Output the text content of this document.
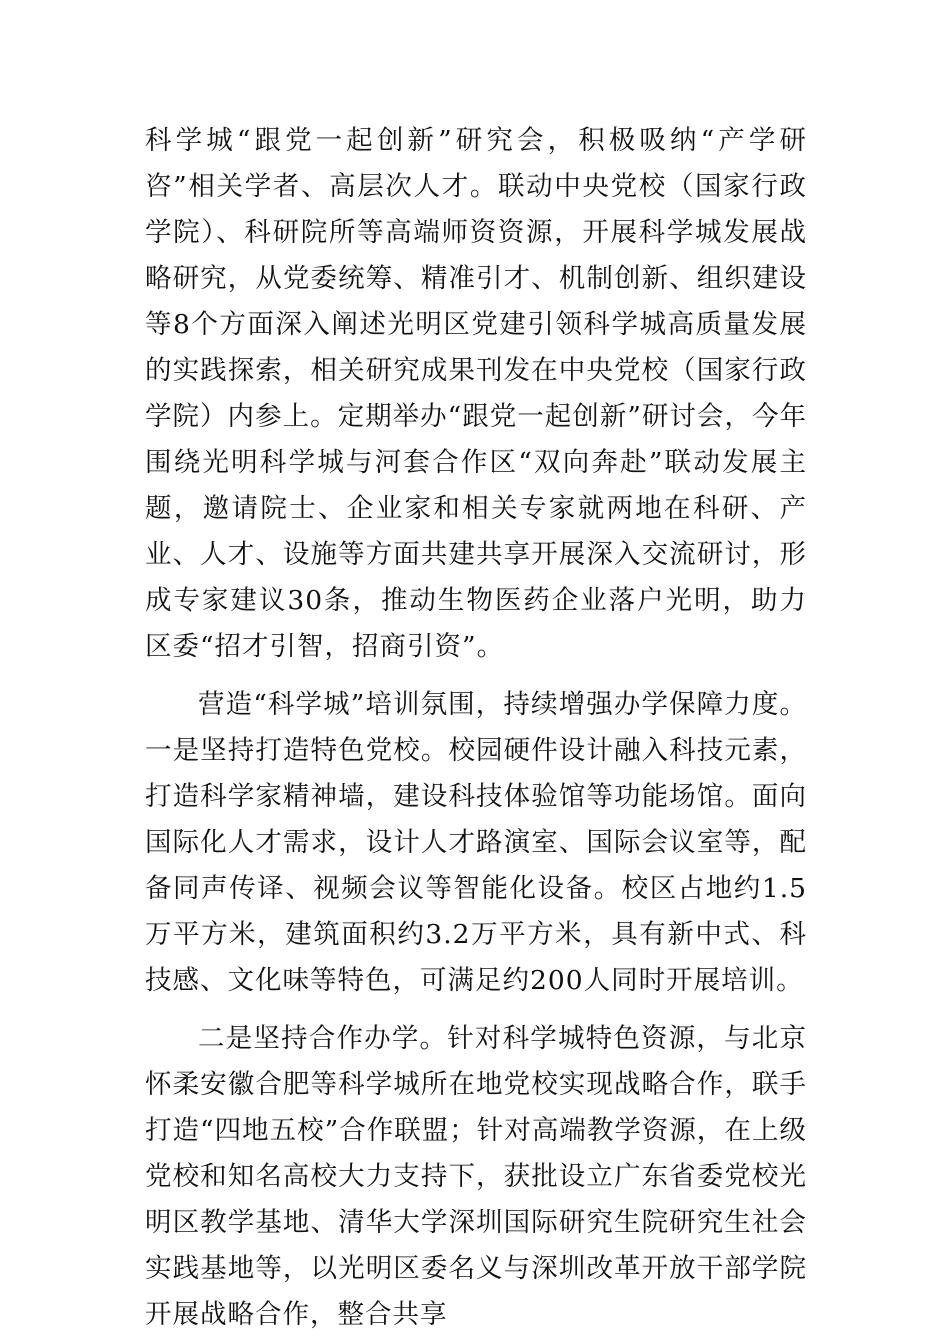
科学城“跟党一起创新”研究会，积极吸纳“产学研咨”相关学者、高层次人才。联动中央党校（国家行政学院）、科研院所等高端师资资源，开展科学城发展战略研究，从党委统筹、精准引才、机制创新、组织建设等8个方面深入阐述光明区党建引领科学城高质量发展的实践探索，相关研究成果刊发在中央党校（国家行政学院）内参上。定期举办“跟党一起创新”研讨会，今年围绕光明科学城与河套合作区“双向奔赴”联动发展主题，邀请院士、企业家和相关专家就两地在科研、产业、人才、设施等方面共建共享开展深入交流研讨，形成专家建议30条，推动生物医药企业落户光明，助力区委“招才引智，招商引资”。

营造“科学城”培训氛围，持续增强办学保障力度。一是坚持打造特色党校。校园硬件设计融入科技元素，打造科学家精神墙，建设科技体验馆等功能场馆。面向国际化人才需求，设计人才路演室、国际会议室等，配备同声传译、视频会议等智能化设备。校区占地约1.5万平方米，建筑面积约3.2万平方米，具有新中式、科技感、文化味等特色，可满足约200人同时开展培训。

二是坚持合作办学。针对科学城特色资源，与北京怀柔安徽合肥等科学城所在地党校实现战略合作，联手打造“四地五校”合作联盟；针对高端教学资源，在上级党校和知名高校大力支持下，获批设立广东省委党校光明区教学基地、清华大学深圳国际研究生院研究生社会实践基地等，以光明区委名义与深圳改革开放干部学院开展战略合作，整合共享
